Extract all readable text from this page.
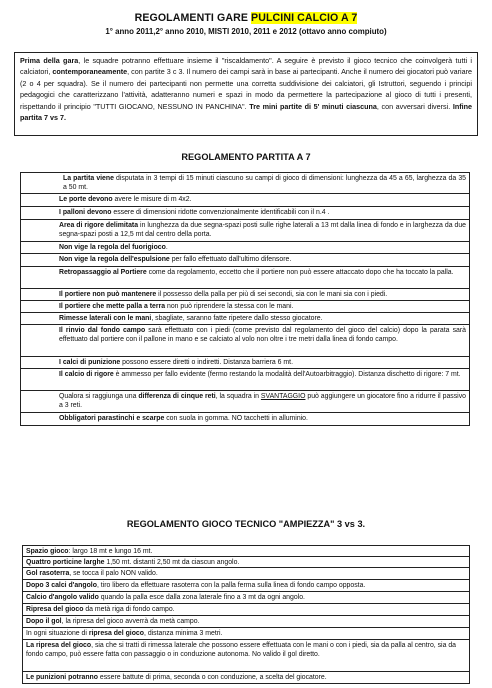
REGOLAMENTI GARE PULCINI CALCIO A 7
1° anno 2011,2° anno 2010, MISTI 2010, 2011 e 2012 (ottavo anno compiuto)

Prima della gara, le squadre potranno effettuare insieme il "riscaldamento". A seguire è previsto il gioco tecnico che coinvolgerà tutti i calciatori, contemporaneamente, con partite 3 c 3. Il numero dei campi sarà in base ai partecipanti. Anche il numero dei giocatori può variare (2 o 4 per squadra). Se il numero dei partecipanti non permette una corretta suddivisione dei calciatori, gli Istruttori, seguendo i principi pedagogici che caratterizzano l'attività, adatteranno numeri e spazi in modo da permettere la partecipazione al gioco di tutti i presenti, rispettando il principio "TUTTI GIOCANO, NESSUNO IN PANCHINA". Tre mini partite di 5' minuti ciascuna, con avversari diversi. Infine partita 7 vs 7.

REGOLAMENTO PARTITA A 7
La partita viene disputata in 3 tempi di 15 minuti ciascuno su campi di gioco di dimensioni: lunghezza da 45 a 65, larghezza da 35 a 50 mt.
Le porte devono avere le misure di m 4x2.
I palloni devono essere di dimensioni ridotte convenzionalmente identificabili con il n.4 .
Area di rigore delimitata in lunghezza da due segna-spazi posti sulle righe laterali a 13 mt dalla linea di fondo e in larghezza da due segna-spazi posti a 12,5 mt dal centro della porta.
Non vige la regola del fuorigioco.
Non vige la regola dell'espulsione per fallo effettuato dall'ultimo difensore.
Retropassaggio al Portiere come da regolamento, eccetto che il portiere non può essere attaccato dopo che ha toccato la palla.
Il portiere non può mantenere il possesso della palla per più di sei secondi, sia con le mani sia con i piedi.
Il portiere che mette palla a terra non può riprendere la stessa con le mani.
Rimesse laterali con le mani, sbagliate, saranno fatte ripetere dallo stesso giocatore.
Il rinvio dal fondo campo sarà effettuato con i piedi (come previsto dal regolamento del gioco del calcio) dopo la parata sarà effettuato dal portiere con il pallone in mano e se calciato al volo non oltre i tre metri dalla linea di fondo campo.
I calci di punizione possono essere diretti o indiretti. Distanza barriera 6 mt.
Il calcio di rigore è ammesso per fallo evidente (fermo restando la modalità dell'Autoarbitraggio). Distanza dischetto di rigore: 7 mt.
Qualora si raggiunga una differenza di cinque reti, la squadra in SVANTAGGIO può aggiungere un giocatore fino a ridurre il passivo a 3 reti.
Obbligatori parastinchi e scarpe con suola in gomma. NO tacchetti in alluminio.
REGOLAMENTO GIOCO TECNICO "AMPIEZZA" 3 vs 3.
Spazio gioco: largo 18 mt e lungo 16 mt.
Quattro porticine larghe 1,50 mt. distanti 2,50 mt da ciascun angolo.
Gol rasoterra, se tocca il palo NON valido.
Dopo 3 calci d'angolo, tiro libero da effettuare rasoterra con la palla ferma sulla linea di fondo campo opposta.
Calcio d'angolo valido quando la palla esce dalla zona laterale fino a 3 mt da ogni angolo.
Ripresa del gioco da metà riga di fondo campo.
Dopo il gol, la ripresa del gioco avverrà da metà campo.
In ogni situazione di ripresa del gioco, distanza minima 3 metri.
La ripresa del gioco, sia che si tratti di rimessa laterale che possono essere effettuata con le mani o con i piedi, sia da palla al centro, sia da fondo campo, può essere fatta con passaggio o in conduzione autonoma. No valido il gol diretto.
Le punizioni potranno essere battute di prima, seconda o con conduzione, a scelta del giocatore.
